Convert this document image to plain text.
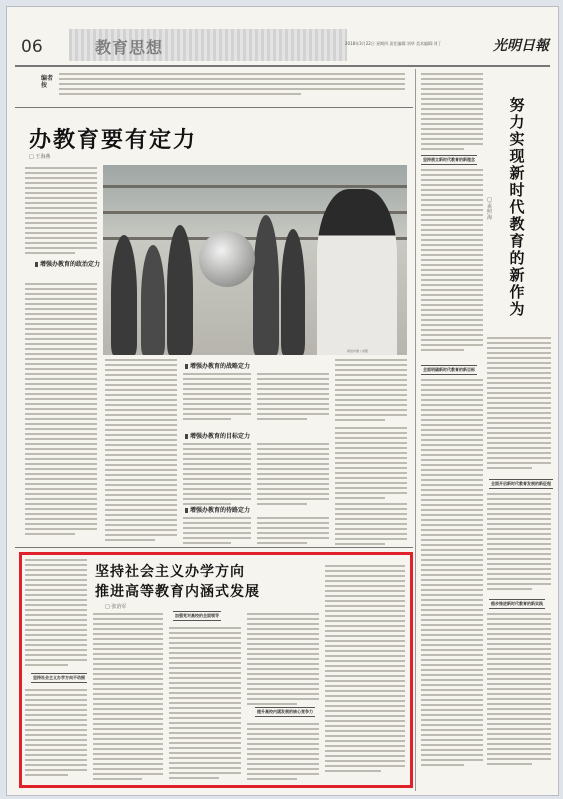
06	教育思想	2018年3月22日 星期四 责任编辑:刘华 美术编辑:刘丁	光明日報
编者按
办教育要有定力
□ 王海燕
增强办教育的政治定力
视觉中国 / 供图
增强办教育的战略定力
增强办教育的目标定力
增强办教育的待路定力
努力实现新时代教育的新作为
□ 孟照海
坚持展立新时代教育的新理念
全面明确新时代教育的新目标
全面开启新时代教育发展的新征程
稳步推进新时代教育的新实践
坚持社会主义办学方向
推进高等教育内涵式发展
□ 张治军
坚持社会主义办学方向不动摇
加强党对高校的全面领导
提升高校内涵发展的核心竞争力
